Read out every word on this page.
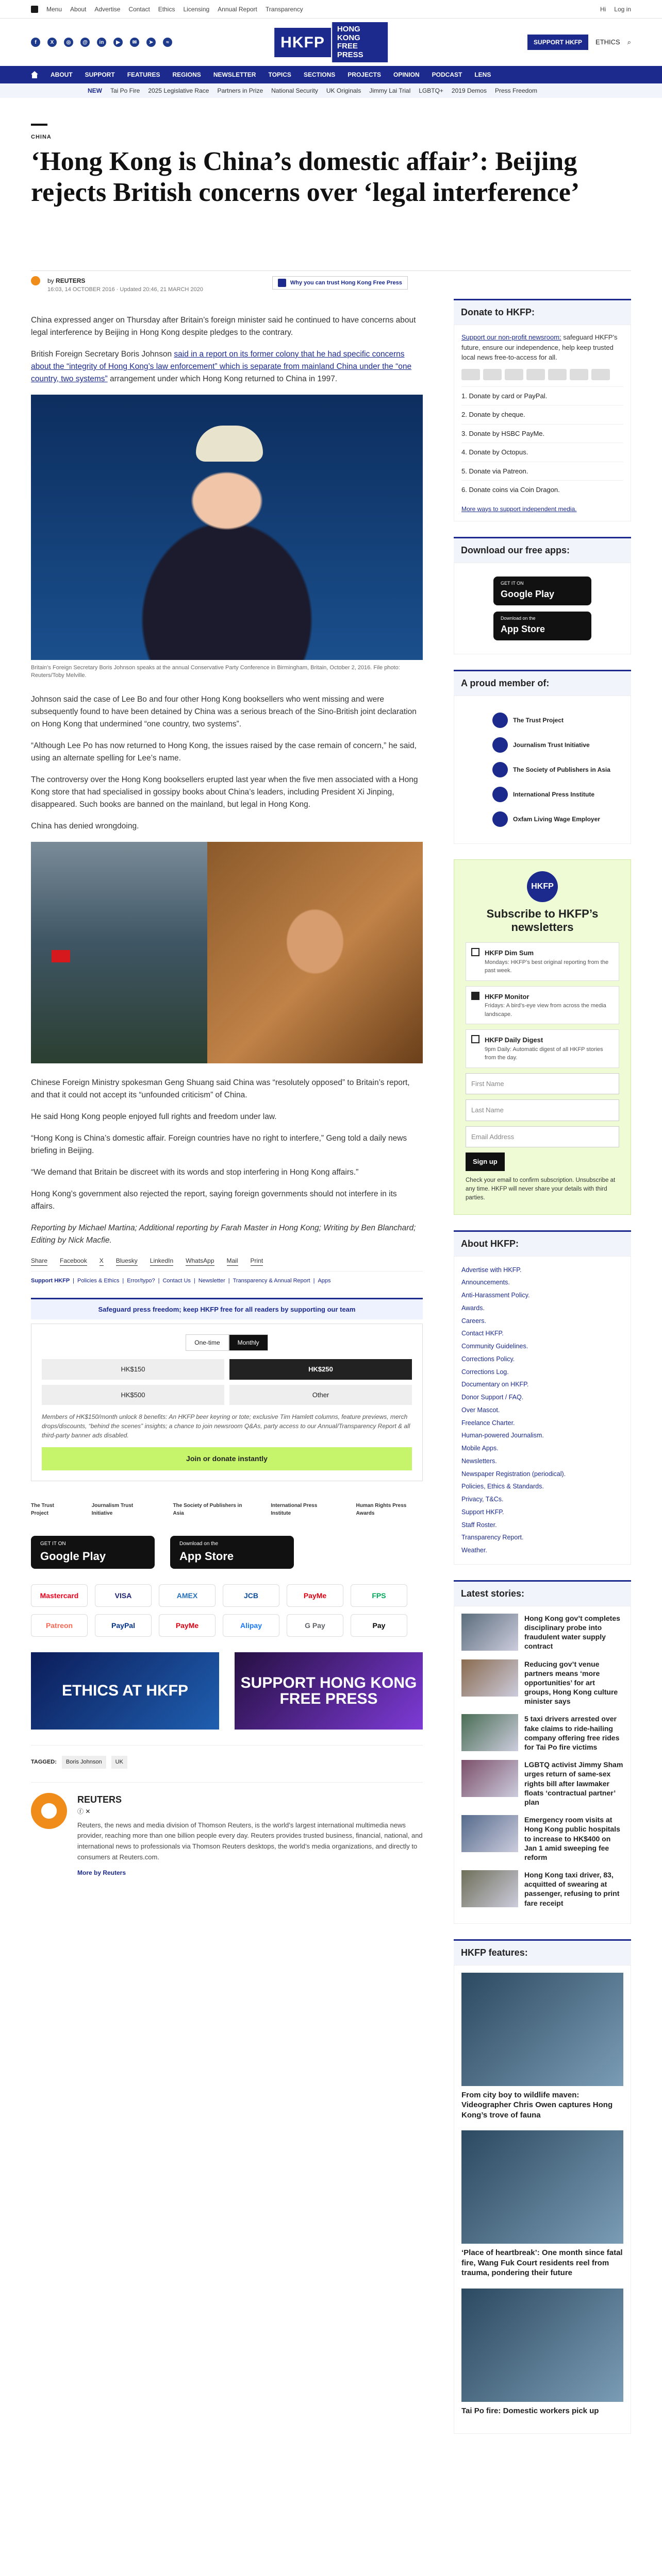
Menu About Advertise Contact Ethics Licensing Annual Report Transparency	Hi Log in
f	X	◎	@	in	▶	✉	➤	≈	HKFP
HONG KONG FREE PRESS
SUPPORT HKFP	ETHICS ⌕
ABOUT SUPPORT FEATURES REGIONS NEWSLETTER TOPICS SECTIONS PROJECTS OPINION PODCAST LENS
NEW Tai Po Fire 2025 Legislative Race Partners in Prize National Security UK Originals Jimmy Lai Trial LGBTQ+ 2019 Demos Press Freedom
CHINA
‘Hong Kong is China’s domestic affair’: Beijing rejects British concerns over ‘legal interference’
by REUTERS
16:03, 14 OCTOBER 2016 · Updated 20:46, 21 MARCH 2020
Why you can trust Hong Kong Free Press

China expressed anger on Thursday after Britain’s foreign minister said he continued to have concerns about legal interference by Beijing in Hong Kong despite pledges to the contrary.

British Foreign Secretary Boris Johnson said in a report on its former colony that he had specific concerns about the “integrity of Hong Kong’s law enforcement” which is separate from mainland China under the “one country, two systems” arrangement under which Hong Kong returned to China in 1997.

Britain’s Foreign Secretary Boris Johnson speaks at the annual Conservative Party Conference in Birmingham, Britain, October 2, 2016. File photo: Reuters/Toby Melville.

Johnson said the case of Lee Bo and four other Hong Kong booksellers who went missing and were subsequently found to have been detained by China was a serious breach of the Sino-British joint declaration on Hong Kong that undermined “one country, two systems”.

“Although Lee Po has now returned to Hong Kong, the issues raised by the case remain of concern,” he said, using an alternate spelling for Lee’s name.

The controversy over the Hong Kong booksellers erupted last year when the five men associated with a Hong Kong store that had specialised in gossipy books about China’s leaders, including President Xi Jinping, disappeared. Such books are banned on the mainland, but legal in Hong Kong.

China has denied wrongdoing.

Chinese Foreign Ministry spokesman Geng Shuang said China was “resolutely opposed” to Britain’s report, and that it could not accept its “unfounded criticism” of China.

He said Hong Kong people enjoyed full rights and freedom under law.

“Hong Kong is China’s domestic affair. Foreign countries have no right to interfere,” Geng told a daily news briefing in Beijing.

“We demand that Britain be discreet with its words and stop interfering in Hong Kong affairs.”

Hong Kong’s government also rejected the report, saying foreign governments should not interfere in its affairs.

Reporting by Michael Martina; Additional reporting by Farah Master in Hong Kong; Writing by Ben Blanchard; Editing by Nick Macfie.

Share Facebook X Bluesky LinkedIn WhatsApp Mail Print
Support HKFP | Policies & Ethics | Error/typo? | Contact Us | Newsletter | Transparency & Annual Report | Apps
Safeguard press freedom; keep HKFP free for all readers by supporting our team
One-time	Monthly
HK$150	HK$250
HK$500	Other

Members of HK$150/month unlock 8 benefits: An HKFP beer keyring or tote; exclusive Tim Hamlett columns, feature previews, merch drops/discounts, “behind the scenes” insights; a chance to join newsroom Q&As, party access to our Annual/Transparency Report & all third-party banner ads disabled.

Join or donate instantly
The Trust Project
Journalism Trust Initiative
The Society of Publishers in Asia
International Press Institute
Human Rights Press Awards
GET IT ON
Google Play
Download on the
App Store
Mastercard	VISA	AMEX	JCB	PayMe	FPS
Patreon	PayPal	PayMe	Alipay	G Pay	Pay
ETHICS AT HKFP	SUPPORT HONG KONG FREE PRESS
TAGGED:	Boris Johnson	UK
REUTERS
ⓕ ✕

Reuters, the news and media division of Thomson Reuters, is the world’s largest international multimedia news provider, reaching more than one billion people every day. Reuters provides trusted business, financial, national, and international news to professionals via Thomson Reuters desktops, the world’s media organizations, and directly to consumers at Reuters.com.

More by Reuters
Donate to HKFP:

Support our non-profit newsroom: safeguard HKFP’s future, ensure our independence, help keep trusted local news free-to-access for all.

1. Donate by card or PayPal.
2. Donate by cheque.
3. Donate by HSBC PayMe.
4. Donate by Octopus.
5. Donate via Patreon.
6. Donate coins via Coin Dragon.
More ways to support independent media.
Download our free apps:
GET IT ON
Google Play
Download on the
App Store
A proud member of:
The Trust Project
Journalism Trust Initiative
The Society of Publishers in Asia
International Press Institute
Oxfam Living Wage Employer
HKFP
Subscribe to HKFP’s newsletters
HKFP Dim Sum
Mondays: HKFP’s best original reporting from the past week.
HKFP Monitor
Fridays: A bird’s-eye view from across the media landscape.
HKFP Daily Digest
9pm Daily: Automatic digest of all HKFP stories from the day.
First Name
Last Name
Email Address
Sign up

Check your email to confirm subscription. Unsubscribe at any time. HKFP will never share your details with third parties.

About HKFP:
Advertise with HKFP.
Announcements.
Anti-Harassment Policy.
Awards.
Careers.
Contact HKFP.
Community Guidelines.
Corrections Policy.
Corrections Log.
Documentary on HKFP.
Donor Support / FAQ.
Over Mascot.
Freelance Charter.
Human-powered Journalism.
Mobile Apps.
Newsletters.
Newspaper Registration (periodical).
Policies, Ethics & Standards.
Privacy, T&Cs.
Support HKFP.
Staff Roster.
Transparency Report.
Weather.
Latest stories:
Hong Kong gov’t completes disciplinary probe into fraudulent water supply contract
Reducing gov’t venue partners means ‘more opportunities’ for art groups, Hong Kong culture minister says
5 taxi drivers arrested over fake claims to ride-hailing company offering free rides for Tai Po fire victims
LGBTQ activist Jimmy Sham urges return of same-sex rights bill after lawmaker floats ‘contractual partner’ plan
Emergency room visits at Hong Kong public hospitals to increase to HK$400 on Jan 1 amid sweeping fee reform
Hong Kong taxi driver, 83, acquitted of swearing at passenger, refusing to print fare receipt
HKFP features:
From city boy to wildlife maven: Videographer Chris Owen captures Hong Kong’s trove of fauna
‘Place of heartbreak’: One month since fatal fire, Wang Fuk Court residents reel from trauma, pondering their future
Tai Po fire: Domestic workers pick up
